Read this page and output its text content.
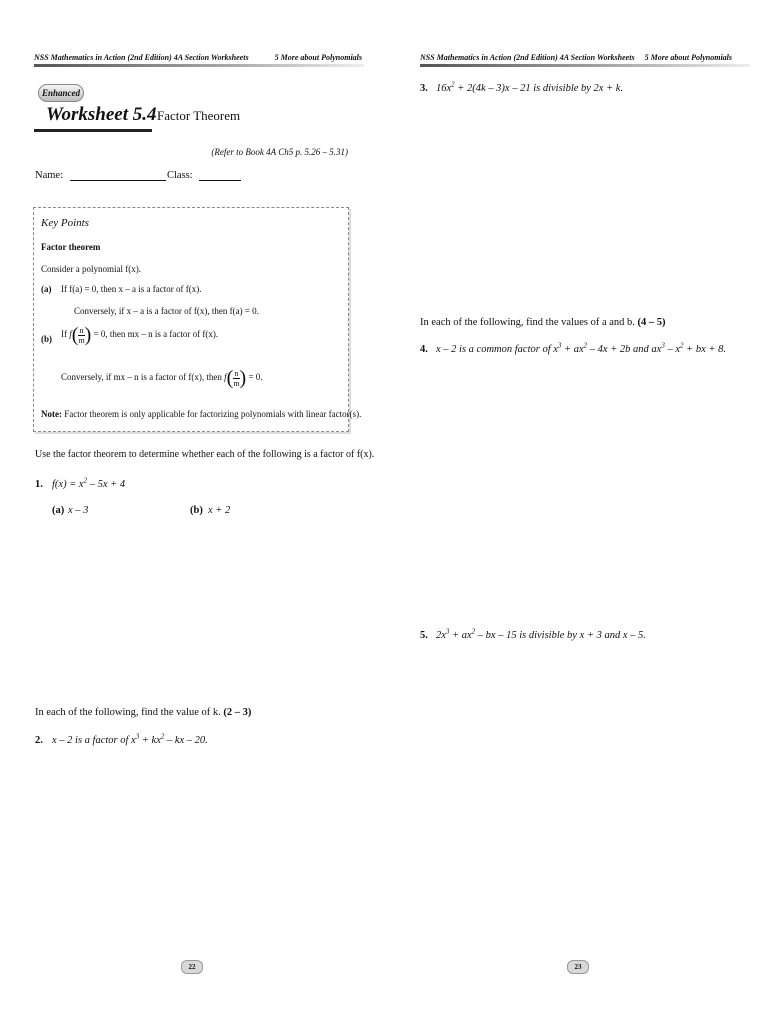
NSS Mathematics in Action (2nd Edition) 4A Section Worksheets	5 More about Polynomials
Enhanced
Worksheet 5.4 Factor Theorem
(Refer to Book 4A Ch5 p. 5.26 – 5.31)
Name:	Class:
Key Points
Factor theorem
Consider a polynomial f(x).
(a) If f(a) = 0, then x – a is a factor of f(x).
Conversely, if x – a is a factor of f(x), then f(a) = 0.
(b) If $f( \frac{n}{m}$ ) = 0, then mx – n is a factor of f(x).
Conversely, if mx – n is a factor of f(x), then $f( \frac{n}{m}$ ) = 0.
Note: Factor theorem is only applicable for factorizing polynomials with linear factor(s).
Use the factor theorem to determine whether each of the following is a factor of f(x).
1. $f(x) = x^2 - 5x + 4$
(a) x – 3	(b) x + 2
In each of the following, find the value of k. (2 – 3)
2. x – 2 is a factor of $x^3 + kx^2$ – kx – 20.
22
NSS Mathematics in Action (2nd Edition) 4A Section Worksheets 5 More about Polynomials
3. $16x^2 + 2(4k - 3)x - 21$ is divisible by 2x + k.
In each of the following, find the values of a and b. (4 – 5)
4. x – 2 is a common factor of $x^3 + ax^2 - 4x + 2b$ and $ax^3 - x^2$ + bx + 8.
5. $2x^3 + ax^2$ – bx – 15 is divisible by x + 3 and x – 5.
23
